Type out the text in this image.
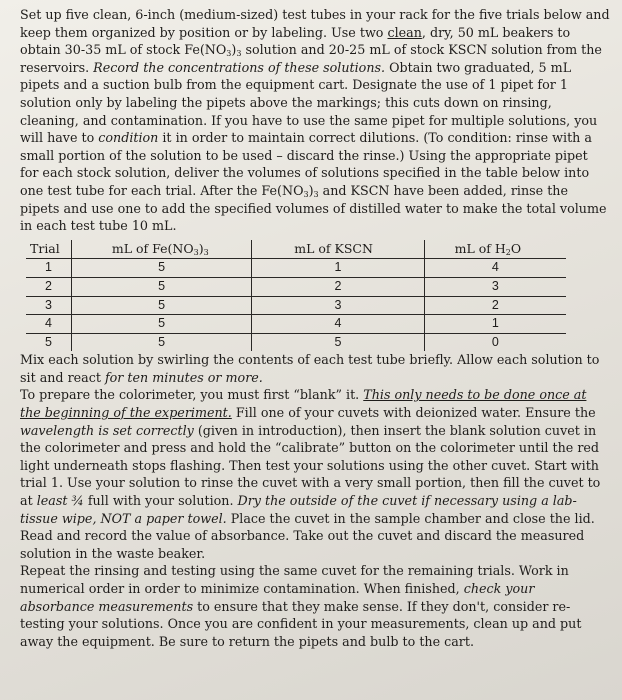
Set up five clean, 6-inch (medium-sized) test tubes in your rack for the five trials below and keep them organized by position or by labeling. Use two clean, dry, 50 mL beakers to obtain 30-35 mL of stock $Fe(NO_3)_3$ solution and 20-25 mL of stock KSCN solution from the reservoirs. Record the concentrations of these solutions. Obtain two graduated, 5 mL pipets and a suction bulb from the equipment cart. Designate the use of 1 pipet for 1 solution only by labeling the pipets above the markings; this cuts down on rinsing, cleaning, and contamination. If you have to use the same pipet for multiple solutions, you will have to condition it in order to maintain correct dilutions. (To condition: rinse with a small portion of the solution to be used – discard the rinse.) Using the appropriate pipet for each stock solution, deliver the volumes of solutions specified in the table below into one test tube for each trial. After the $Fe(NO_3)_3$ and KSCN have been added, rinse the pipets and use one to add the specified volumes of distilled water to make the total volume in each test tube 10 mL.

Trial	mL of $Fe(NO_3)_3$	mL of KSCN	mL of $H_2O$
1	5	1	4
2	5	2	3
3	5	3	2
4	5	4	1
5	5	5	0

Mix each solution by swirling the contents of each test tube briefly. Allow each solution to sit and react for ten minutes or more.

To prepare the colorimeter, you must first “blank” it. This only needs to be done once at the beginning of the experiment. Fill one of your cuvets with deionized water. Ensure the wavelength is set correctly (given in introduction), then insert the blank solution cuvet in the colorimeter and press and hold the “calibrate” button on the colorimeter until the red light underneath stops flashing. Then test your solutions using the other cuvet. Start with trial 1. Use your solution to rinse the cuvet with a very small portion, then fill the cuvet to at least ¾ full with your solution. Dry the outside of the cuvet if necessary using a lab-tissue wipe, NOT a paper towel. Place the cuvet in the sample chamber and close the lid. Read and record the value of absorbance. Take out the cuvet and discard the measured solution in the waste beaker.

Repeat the rinsing and testing using the same cuvet for the remaining trials. Work in numerical order in order to minimize contamination. When finished, check your absorbance measurements to ensure that they make sense. If they don't, consider re-testing your solutions. Once you are confident in your measurements, clean up and put away the equipment. Be sure to return the pipets and bulb to the cart.
